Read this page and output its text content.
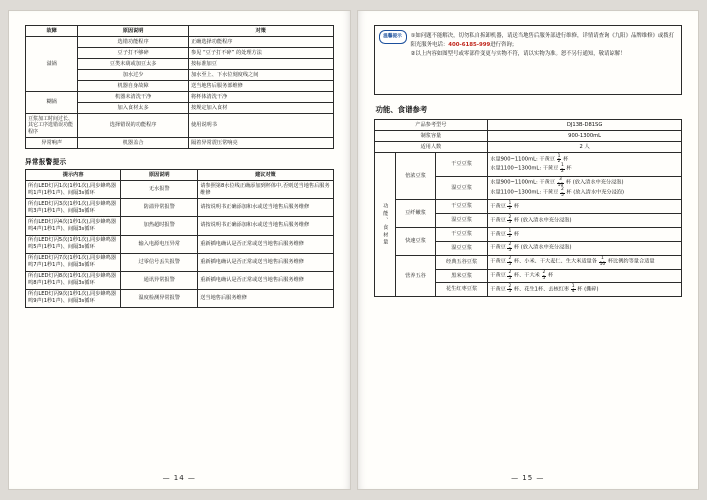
故障	原因说明	对策
溢锅	选错功能程序	正确选择功能程序
	豆子打不够碎	参见 “豆子打不碎” 的处理方法
	豆类未葫或加豆太多	按标准加豆
	加水过少	加水至上、下水位刻度线之间
	机器自身故障	送当地售后服务部维修
糊锅	机器未清洗干净	将杯体清洗干净
	加入食材太多	按规定加入食材
豆浆加工时间过长、其它工序选错误功能程序	选择错误的功能程序	使用说明书
异常响声	机器盖合	隔着异常震压常响亮
异常报警提示
提示内容	原因说明	建议对策
所有LED灯闪1次(1秒1次),同步蜂鸣器鸣1声(1秒1声)、间隔3s循环	无水报警	请参照第8水位线正确添加到杯体中,否则送当地售后服务维修
所有LED灯闪3次(1秒1次),同步蜂鸣器鸣3声(1秒1声)、间隔3s循环	防溢异常报警	请按说明书正确添加和水或送当地售后服务维修
所有LED灯闪4次(1秒1次),同步蜂鸣器鸣4声(1秒1声)、间隔3s循环	加热超时报警	请按说明书正确添加和水或送当地售后服务维修
所有LED灯闪5次(1秒1次),同步蜂鸣器鸣5声(1秒1声)、间隔3s循环	输入电源电压异常	重新插电确认是否正常或送当地售后服务维修
所有LED灯闪7次(1秒1次),同步蜂鸣器鸣7声(1秒1声)、间隔3s循环	过零信号丢失报警	重新插电确认是否正常或送当地售后服务维修
所有LED灯闪8次(1秒1次),同步蜂鸣器鸣8声(1秒1声)、间隔3s循环	通讯异常报警	重新插电确认是否正常或送当地售后服务维修
所有LED灯闪9次(1秒1次),同步蜂鸣器鸣9声(1秒1声)、间隔3s循环	温度检测异常报警	送当地售后服务维修
— 14 —
温馨提示	①如问题不能解决，切勿私自拆卸机器，请送当地售后服务部进行维修，详情请查询《九阳》品牌维修》或拨打阳光服务电话：400-6185-999进行咨询；

②以上内容如图型号或零部件变更与实物不符，请以实物为准。恕不另行通知，敬请谅解！

功能、食谱参考
产品参考型号			DJ13B-D81SG
制浆容量			900-1300mL
适用人数			2 人
功能、食材量	倍浓豆浆	干豆豆浆	水量900~1100mL: 干黄豆 $\frac{1}{2}$ 杯
水量1100~1300mL: 干黄豆 $\frac{1}{2}$ 杯
湿豆豆浆	水量900~1100mL: 干黄豆 $\frac{3}{10}$ 杯 (放入清水中充分浸泡)
水量1100~1300mL: 干黄豆 $\frac{2}{5}$ 杯 (放入清水中充分浸泡)
	豆纤嫩浆	干豆豆浆	干黄豆 $\frac{1}{2}$ 杯
		湿豆豆浆	干黄豆 $\frac{2}{5}$ 杯 (放入清水中充分浸泡)
	快速豆浆	干豆豆浆	干黄豆 $\frac{1}{2}$ 杯
		湿豆豆浆	干黄豆 $\frac{2}{5}$ 杯 (放入清水中充分浸泡)
营养五谷	经典五谷豆浆	干黄豆 $\frac{2}{5}$ 杯、小米、干大麦仁、生大米适量各 $\frac{1}{10}$ 杯比例约等量合适量
黑米豆浆	干黄豆 $\frac{2}{5}$ 杯、干大米 $\frac{2}{5}$ 杯
花生红枣豆浆	干黄豆 $\frac{2}{5}$ 杯、花生1杯、去核红枣 $\frac{1}{4}$ 杯 (撕碎)
— 15 —
